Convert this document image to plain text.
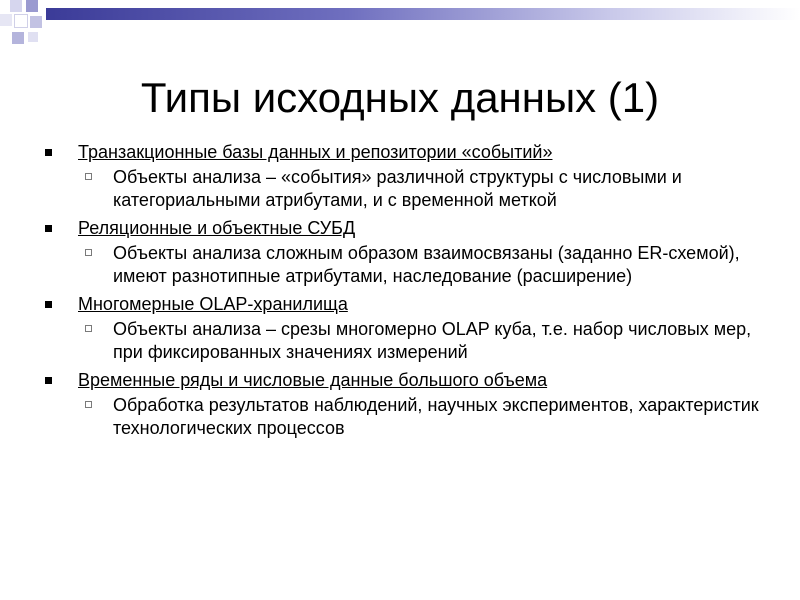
Типы исходных данных (1)
Транзакционные базы данных и репозитории «событий»
Объекты анализа – «события» различной структуры с числовыми и категориальными атрибутами, и с временной меткой
Реляционные и объектные СУБД
Объекты анализа сложным образом взаимосвязаны (заданно ER-схемой), имеют разнотипные атрибутами, наследование (расширение)
Многомерные OLAP-хранилища
Объекты анализа – срезы многомерно OLAP куба, т.е. набор числовых мер, при фиксированных значениях измерений
Временные ряды и числовые данные большого объема
Обработка результатов наблюдений, научных экспериментов, характеристик технологических процессов
